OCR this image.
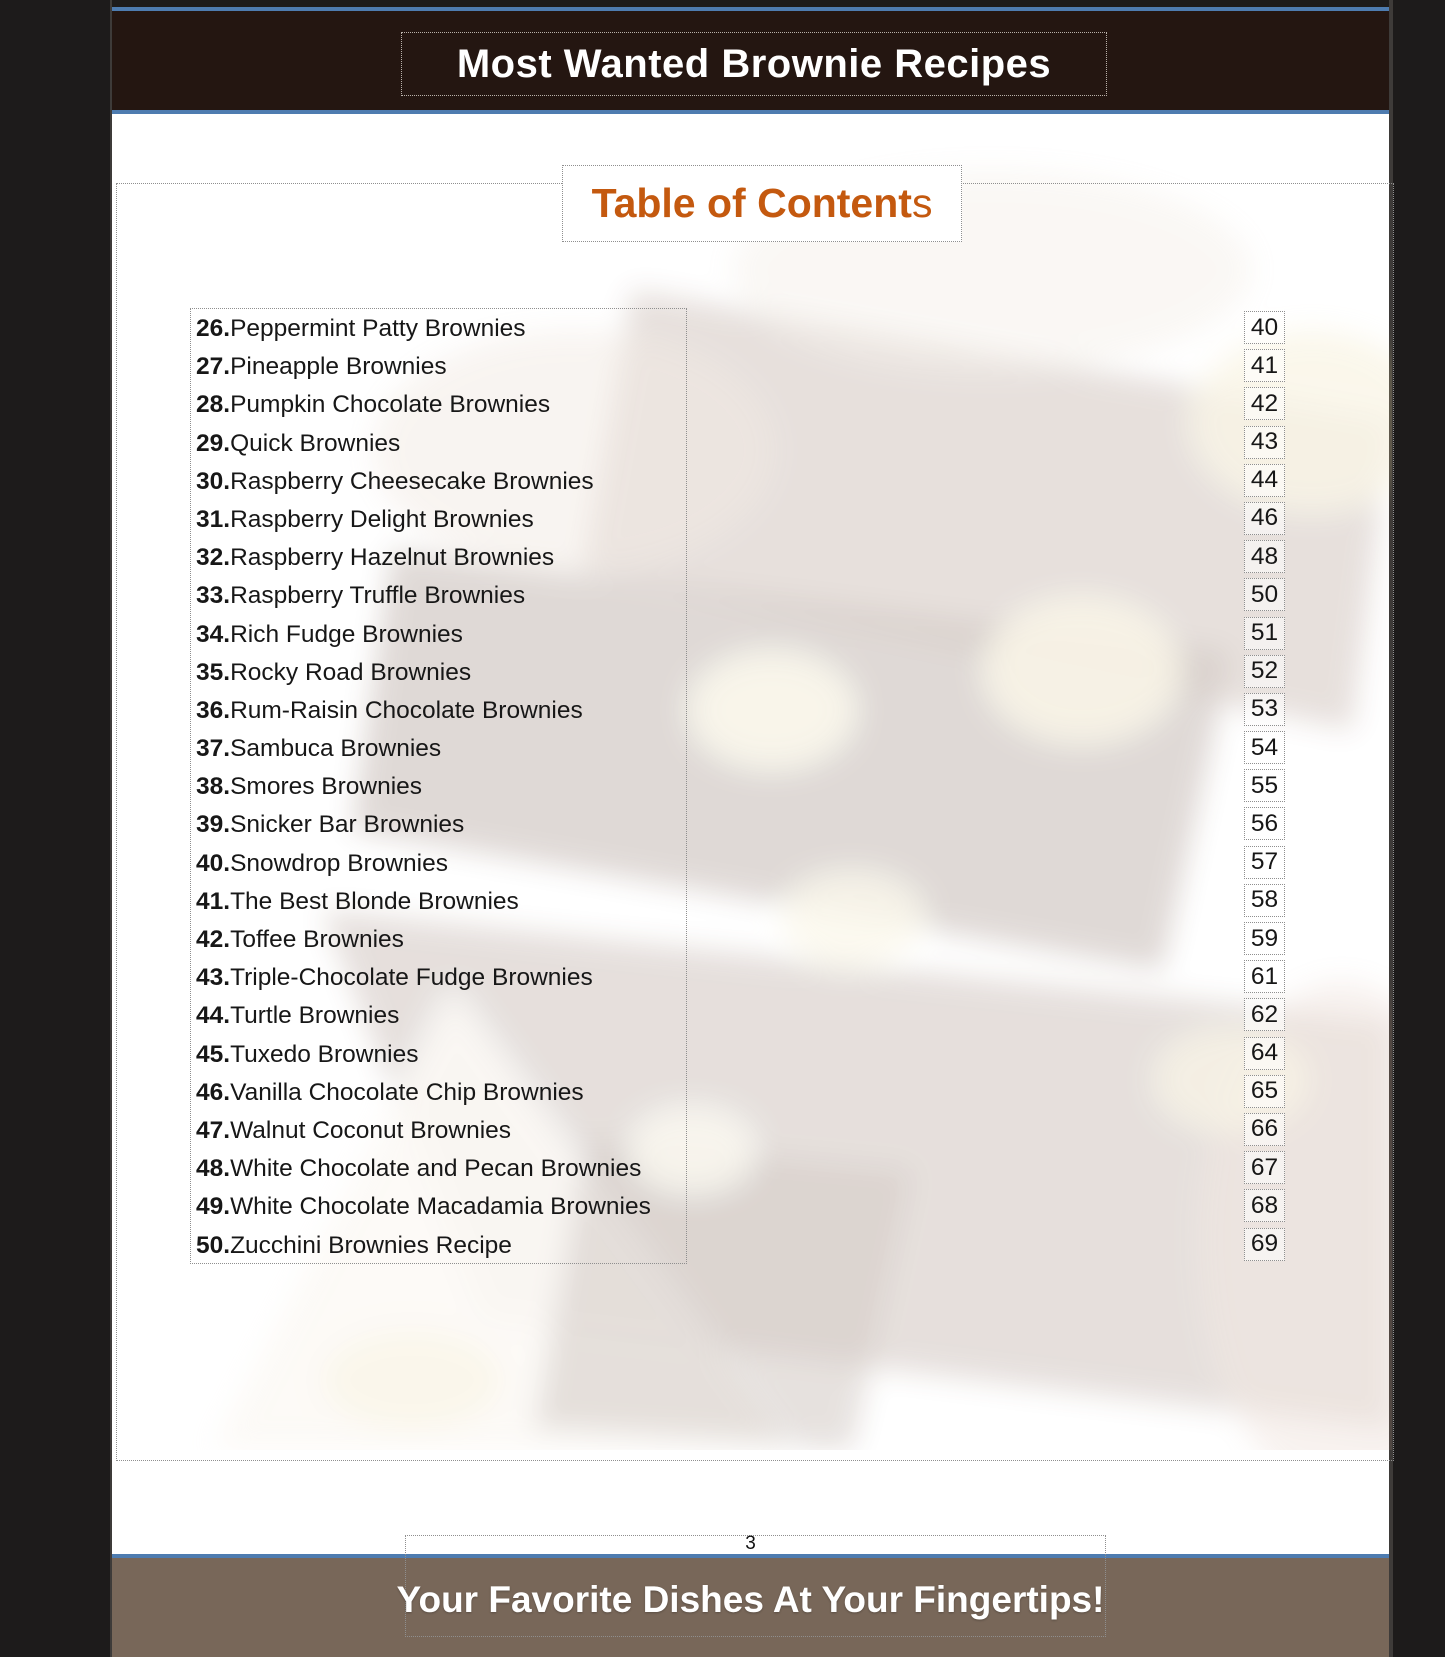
Most Wanted Brownie Recipes
Table of Contents
26.Peppermint Patty Brownies
27.Pineapple Brownies
28.Pumpkin Chocolate Brownies
29.Quick Brownies
30.Raspberry Cheesecake Brownies
31.Raspberry Delight Brownies
32.Raspberry Hazelnut Brownies
33.Raspberry Truffle Brownies
34.Rich Fudge Brownies
35.Rocky Road Brownies
36.Rum-Raisin Chocolate Brownies
37.Sambuca Brownies
38.Smores Brownies
39.Snicker Bar Brownies
40.Snowdrop Brownies
41.The Best Blonde Brownies
42.Toffee Brownies
43.Triple-Chocolate Fudge Brownies
44.Turtle Brownies
45.Tuxedo Brownies
46.Vanilla Chocolate Chip Brownies
47.Walnut Coconut Brownies
48.White Chocolate and Pecan Brownies
49.White Chocolate Macadamia Brownies
50.Zucchini Brownies Recipe
40
41
42
43
44
46
48
50
51
52
53
54
55
56
57
58
59
61
62
64
65
66
67
68
69
3
Your Favorite Dishes At Your Fingertips!
